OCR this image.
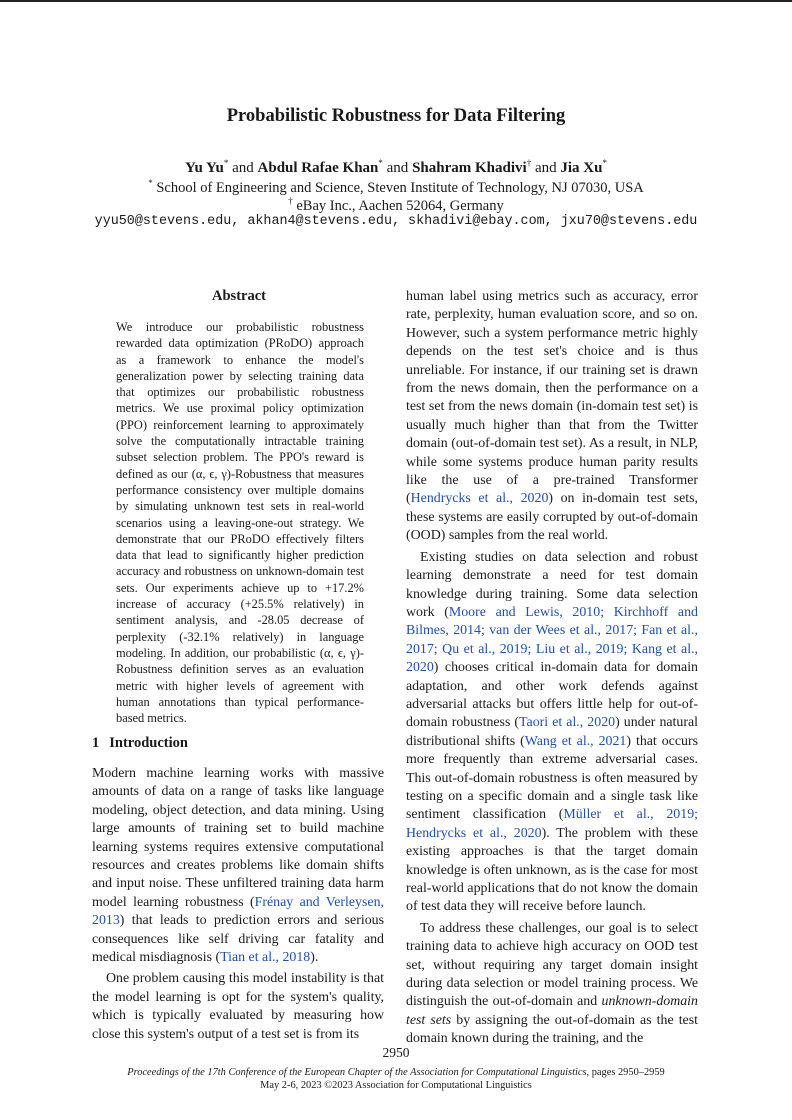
Probabilistic Robustness for Data Filtering
Yu Yu* and Abdul Rafae Khan* and Shahram Khadivi† and Jia Xu*
* School of Engineering and Science, Steven Institute of Technology, NJ 07030, USA
† eBay Inc., Aachen 52064, Germany
yyu50@stevens.edu, akhan4@stevens.edu, skhadivi@ebay.com, jxu70@stevens.edu
Abstract
We introduce our probabilistic robustness rewarded data optimization (PRoDO) approach as a framework to enhance the model's generalization power by selecting training data that optimizes our probabilistic robustness metrics. We use proximal policy optimization (PPO) reinforcement learning to approximately solve the computationally intractable training subset selection problem. The PPO's reward is defined as our (α, ϵ, γ)-Robustness that measures performance consistency over multiple domains by simulating unknown test sets in real-world scenarios using a leaving-one-out strategy. We demonstrate that our PRoDO effectively filters data that lead to significantly higher prediction accuracy and robustness on unknown-domain test sets. Our experiments achieve up to +17.2% increase of accuracy (+25.5% relatively) in sentiment analysis, and -28.05 decrease of perplexity (-32.1% relatively) in language modeling. In addition, our probabilistic (α, ϵ, γ)-Robustness definition serves as an evaluation metric with higher levels of agreement with human annotations than typical performance-based metrics.
1 Introduction

Modern machine learning works with massive amounts of data on a range of tasks like language modeling, object detection, and data mining. Using large amounts of training set to build machine learning systems requires extensive computational resources and creates problems like domain shifts and input noise. These unfiltered training data harm model learning robustness (Frénay and Verleysen, 2013) that leads to prediction errors and serious consequences like self driving car fatality and medical misdiagnosis (Tian et al., 2018).

One problem causing this model instability is that the model learning is opt for the system's quality, which is typically evaluated by measuring how close this system's output of a test set is from its

human label using metrics such as accuracy, error rate, perplexity, human evaluation score, and so on. However, such a system performance metric highly depends on the test set's choice and is thus unreliable. For instance, if our training set is drawn from the news domain, then the performance on a test set from the news domain (in-domain test set) is usually much higher than that from the Twitter domain (out-of-domain test set). As a result, in NLP, while some systems produce human parity results like the use of a pre-trained Transformer (Hendrycks et al., 2020) on in-domain test sets, these systems are easily corrupted by out-of-domain (OOD) samples from the real world.

Existing studies on data selection and robust learning demonstrate a need for test domain knowledge during training. Some data selection work (Moore and Lewis, 2010; Kirchhoff and Bilmes, 2014; van der Wees et al., 2017; Fan et al., 2017; Qu et al., 2019; Liu et al., 2019; Kang et al., 2020) chooses critical in-domain data for domain adaptation, and other work defends against adversarial attacks but offers little help for out-of-domain robustness (Taori et al., 2020) under natural distributional shifts (Wang et al., 2021) that occurs more frequently than extreme adversarial cases. This out-of-domain robustness is often measured by testing on a specific domain and a single task like sentiment classification (Müller et al., 2019; Hendrycks et al., 2020). The problem with these existing approaches is that the target domain knowledge is often unknown, as is the case for most real-world applications that do not know the domain of test data they will receive before launch.

To address these challenges, our goal is to select training data to achieve high accuracy on OOD test set, without requiring any target domain insight during data selection or model training process. We distinguish the out-of-domain and unknown-domain test sets by assigning the out-of-domain as the test domain known during the training, and the

2950
Proceedings of the 17th Conference of the European Chapter of the Association for Computational Linguistics, pages 2950–2959
May 2-6, 2023 ©2023 Association for Computational Linguistics
